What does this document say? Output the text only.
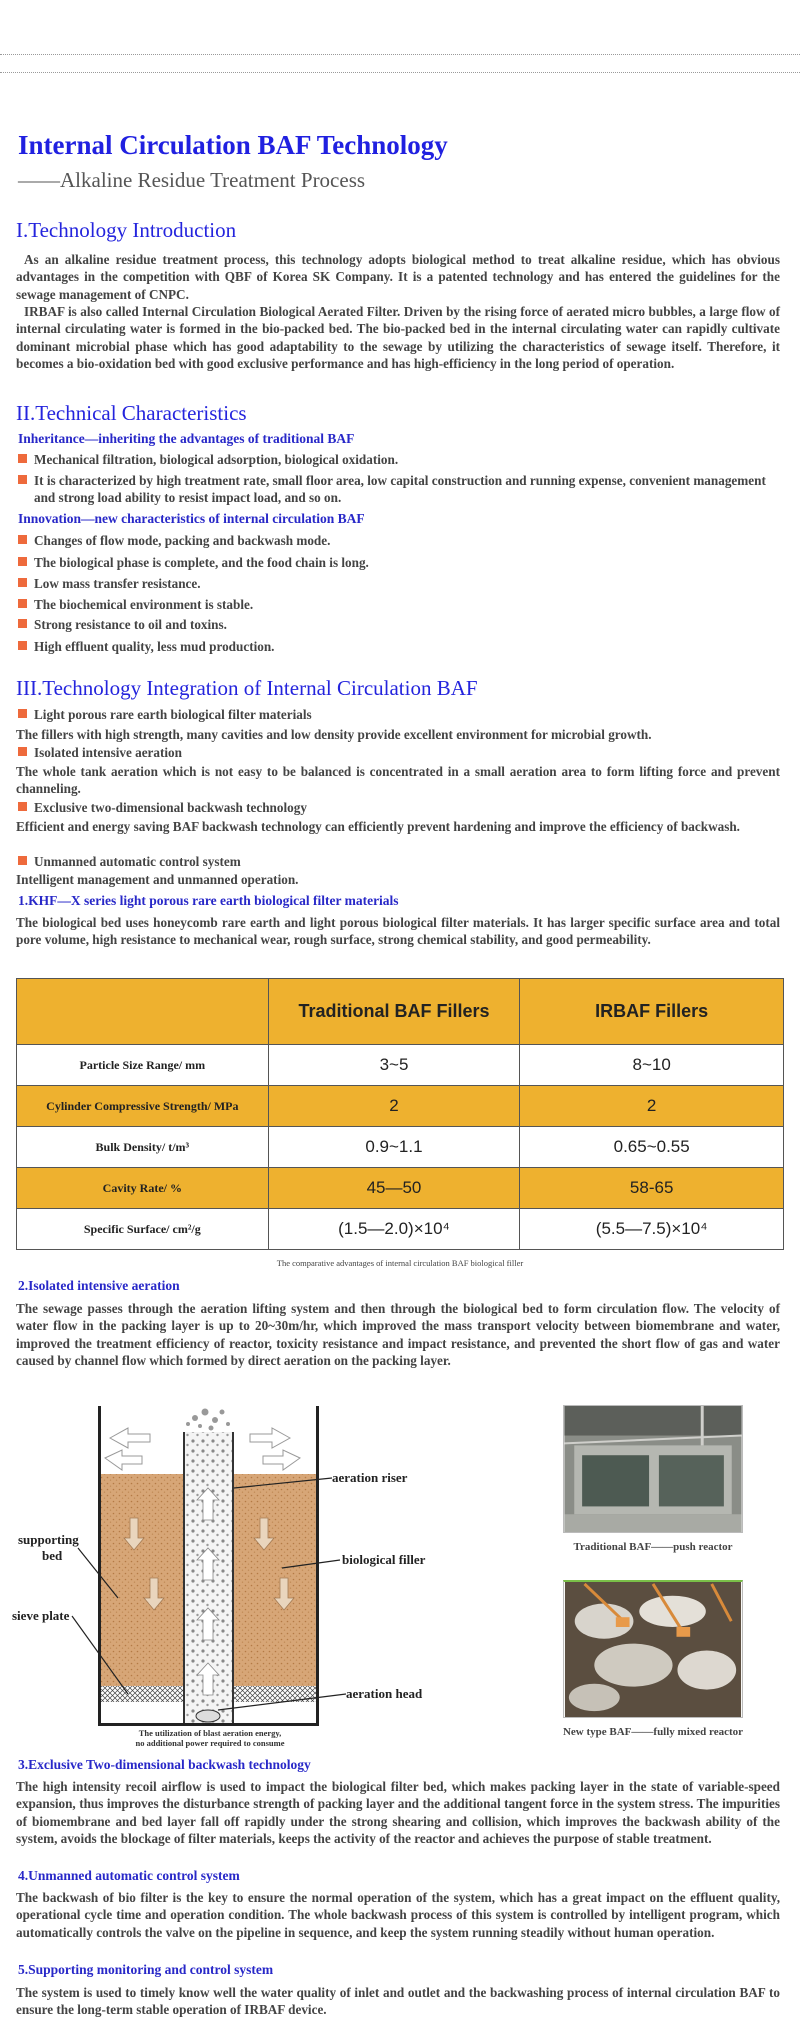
Internal Circulation BAF Technology
——Alkaline Residue Treatment Process
I.Technology Introduction

As an alkaline residue treatment process, this technology adopts biological method to treat alkaline residue, which has obvious advantages in the competition with QBF of Korea SK Company. It is a patented technology and has entered the guidelines for the sewage management of CNPC.

IRBAF is also called Internal Circulation Biological Aerated Filter. Driven by the rising force of aerated micro bubbles, a large flow of internal circulating water is formed in the bio-packed bed. The bio-packed bed in the internal circulating water can rapidly cultivate dominant microbial phase which has good adaptability to the sewage by utilizing the characteristics of sewage itself. Therefore, it becomes a bio-oxidation bed with good exclusive performance and has high-efficiency in the long period of operation.

II.Technical Characteristics
Inheritance—inheriting the advantages of traditional BAF
Mechanical filtration, biological adsorption, biological oxidation.
It is characterized by high treatment rate, small floor area, low capital construction and running expense, convenient management and strong load ability to resist impact load, and so on.
Innovation—new characteristics of internal circulation BAF
Changes of flow mode, packing and backwash mode.
The biological phase is complete, and the food chain is long.
Low mass transfer resistance.
The biochemical environment is stable.
Strong resistance to oil and toxins.
High effluent quality, less mud production.
III.Technology Integration of Internal Circulation BAF
Light porous rare earth biological filter materials

The fillers with high strength, many cavities and low density provide excellent environment for microbial growth.

Isolated intensive aeration

The whole tank aeration which is not easy to be balanced is concentrated in a small aeration area to form lifting force and prevent channeling.

Exclusive two-dimensional backwash technology

Efficient and energy saving BAF backwash technology can efficiently prevent hardening and improve the efficiency of backwash.

Unmanned automatic control system

Intelligent management and unmanned operation.

1.KHF—X series light porous rare earth biological filter materials

The biological bed uses honeycomb rare earth and light porous biological filter materials. It has larger specific surface area and total pore volume, high resistance to mechanical wear, rough surface, strong chemical stability, and good permeability.

	Traditional BAF Fillers	IRBAF Fillers
Particle Size Range/ mm	3~5	8~10
Cylinder Compressive Strength/ MPa	2	2
Bulk Density/ t/m³	0.9~1.1	0.65~0.55
Cavity Rate/ %	45—50	58-65
Specific Surface/ cm²/g	(1.5—2.0)×10⁴	(5.5—7.5)×10⁴
The comparative advantages of internal circulation BAF biological filler
2.Isolated intensive aeration

The sewage passes through the aeration lifting system and then through the biological bed to form circulation flow. The velocity of water flow in the packing layer is up to 20~30m/hr, which improved the mass transport velocity between biomembrane and water, improved the treatment efficiency of reactor, toxicity resistance and impact resistance, and prevented the short flow of gas and water caused by channel flow which formed by direct aeration on the packing layer.

aeration riser
biological filler
supporting
bed
sieve plate
aeration head
The utilization of blast aeration energy,
no additional power required to consume
Traditional BAF——push reactor
New type BAF——fully mixed reactor
3.Exclusive Two-dimensional backwash technology

The high intensity recoil airflow is used to impact the biological filter bed, which makes packing layer in the state of variable-speed expansion, thus improves the disturbance strength of packing layer and the additional tangent force in the system stress. The impurities of biomembrane and bed layer fall off rapidly under the strong shearing and collision, which improves the backwash ability of the system, avoids the blockage of filter materials, keeps the activity of the reactor and achieves the purpose of stable treatment.

4.Unmanned automatic control system

The backwash of bio filter is the key to ensure the normal operation of the system, which has a great impact on the effluent quality, operational cycle time and operation condition. The whole backwash process of this system is controlled by intelligent program, which automatically controls the valve on the pipeline in sequence, and keep the system running steadily without human operation.

5.Supporting monitoring and control system

The system is used to timely know well the water quality of inlet and outlet and the backwashing process of internal circulation BAF to ensure the long-term stable operation of IRBAF device.
